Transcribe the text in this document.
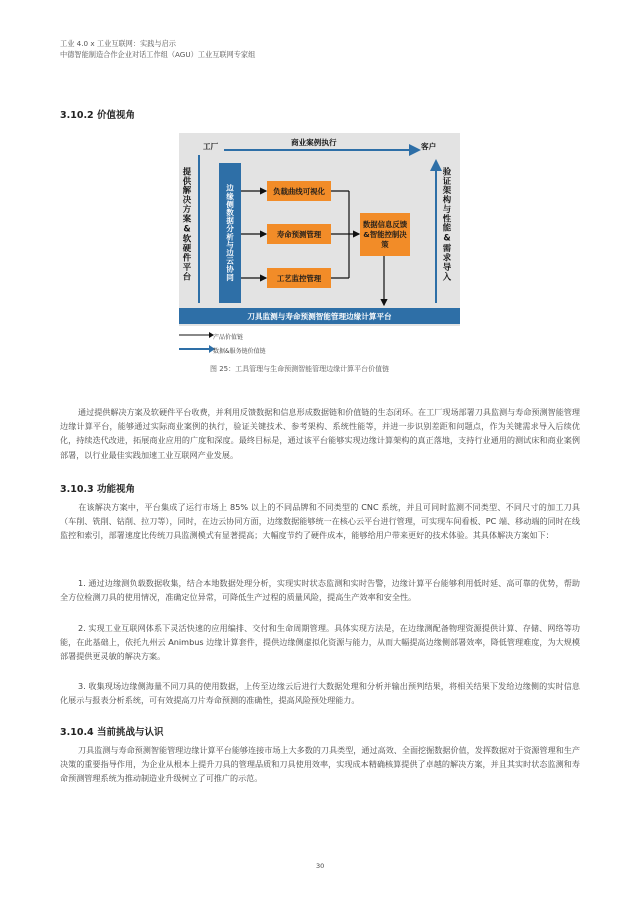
工业 4.0 x 工业互联网：实践与启示
中德智能制造合作企业对话工作组（AGU）工业互联网专家组
3.10.2 价值视角
工厂	客户
商业案例执行
提供解决方案&软硬件平台	验证架构与性能&需求导入
边缘侧数据分析与边云协同	负载曲线可视化
寿命预测管理
工艺监控管理
数据信息反馈&智能控制决策
刀具监测与寿命预测智能管理边缘计算平台
产品价值链
数据&服务链价值链
图 25：工具管理与生命预测智能管理边缘计算平台价值链

通过提供解决方案及软硬件平台收费，并利用反馈数据和信息形成数据链和价值链的生态闭环。在工厂现场部署刀具监测与寿命预测智能管理边缘计算平台，能够通过实际商业案例的执行，验证关键技术、参考架构、系统性能等，并进一步识别差距和问题点，作为关键需求导入后续优化，持续迭代改进，拓展商业应用的广度和深度。最终目标是，通过该平台能够实现边缘计算架构的真正落地，支持行业通用的测试床和商业案例部署，以行业最佳实践加速工业互联网产业发展。

3.10.3 功能视角

在该解决方案中，平台集成了运行市场上 85% 以上的不同品牌和不同类型的 CNC 系统，并且可同时监测不同类型、不同尺寸的加工刀具（车削、铣削、钻削、拉刀等），同时，在边云协同方面，边缘数据能够统一在核心云平台进行管理，可实现车间看板、PC 端、移动端的同时在线监控和索引，部署速度比传统刀具监测模式有显著提高；大幅度节约了硬件成本，能够给用户带来更好的技术体验。其具体解决方案如下：

1. 通过边缘测负载数据收集，结合本地数据处理分析，实现实时状态监测和实时告警，边缘计算平台能够利用低时延、高可靠的优势，帮助全方位检测刀具的使用情况，准确定位异常，可降低生产过程的质量风险，提高生产效率和安全性。

2. 实现工业互联网体系下灵活快速的应用编排、交付和生命周期管理。具体实现方法是，在边缘测配备物理资源提供计算、存储、网络等功能，在此基础上，依托九州云 Animbus 边缘计算套件，提供边缘侧虚拟化资源与能力，从而大幅提高边缘侧部署效率，降低管理难度，为大规模部署提供更灵敏的解决方案。

3. 收集现场边缘侧海量不同刀具的使用数据，上传至边缘云后进行大数据处理和分析并输出预判结果，将相关结果下发给边缘侧的实时信息化展示与报表分析系统，可有效提高刀片寿命预测的准确性，提高风险预处理能力。

3.10.4 当前挑战与认识

刀具监测与寿命预测智能管理边缘计算平台能够连接市场上大多数的刀具类型，通过高效、全面挖掘数据价值，发挥数据对于资源管理和生产决策的重要指导作用，为企业从根本上提升刀具的管理品质和刀具使用效率，实现成本精确核算提供了卓越的解决方案，并且其实时状态监测和寿命预测管理系统为推动制造业升级树立了可推广的示范。

30
